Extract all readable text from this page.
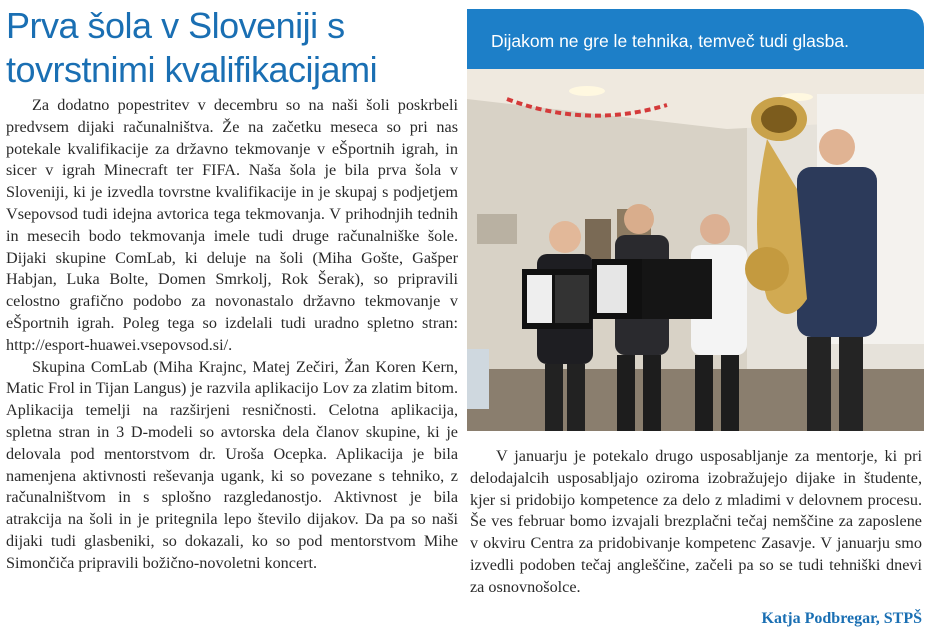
Prva šola v Sloveniji s tovrstnimi kvalifikacijami

Za dodatno popestritev v decembru so na naši šoli poskrbeli predvsem dijaki računalništva. Že na začetku meseca so pri nas potekale kvalifikacije za državno tekmovanje v eŠportnih igrah, in sicer v igrah Minecraft ter FIFA. Naša šola je bila prva šola v Sloveniji, ki je izvedla tovrstne kvalifikacije in je skupaj s podjetjem Vsepovsod tudi idejna avtorica tega tekmovanja. V prihodnjih tednih in mesecih bodo tekmovanja imele tudi druge računalniške šole. Dijaki skupine ComLab, ki deluje na šoli (Miha Gošte, Gašper Habjan, Luka Bolte, Domen Smrkolj, Rok Šerak), so pripravili celostno grafično podobo za novonastalo državno tekmovanje v eŠportnih igrah. Poleg tega so izdelali tudi uradno spletno stran: http://esport-huawei.vsepovsod.si/.

Skupina ComLab (Miha Krajnc, Matej Zečiri, Žan Koren Kern, Matic Frol in Tijan Langus) je razvila aplikacijo Lov za zlatim bitom. Aplikacija temelji na razširjeni resničnosti. Celotna aplikacija, spletna stran in 3 D-modeli so avtorska dela članov skupine, ki je delovala pod mentorstvom dr. Uroša Ocepka. Aplikacija je bila namenjena aktivnosti reševanja ugank, ki so povezane s tehniko, z računalništvom in s splošno razgledanostjo. Aktivnost je bila atrakcija na šoli in je pritegnila lepo število dijakov. Da pa so naši dijaki tudi glasbeniki, so dokazali, ko so pod mentorstvom Mihe Simončiča pripravili božično-novoletni koncert.

Dijakom ne gre le tehnika, temveč tudi glasba.

V januarju je potekalo drugo usposabljanje za mentorje, ki pri delodajalcih usposabljajo oziroma izobražujejo dijake in študente, kjer si pridobijo kompetence za delo z mladimi v delovnem procesu. Še ves februar bomo izvajali brezplačni tečaj nemščine za zaposlene v okviru Centra za pridobivanje kompetenc Zasavje. V januarju smo izvedli podoben tečaj angleščine, začeli pa so se tudi tehniški dnevi za osnovnošolce.

Katja Podbregar, STPŠ
